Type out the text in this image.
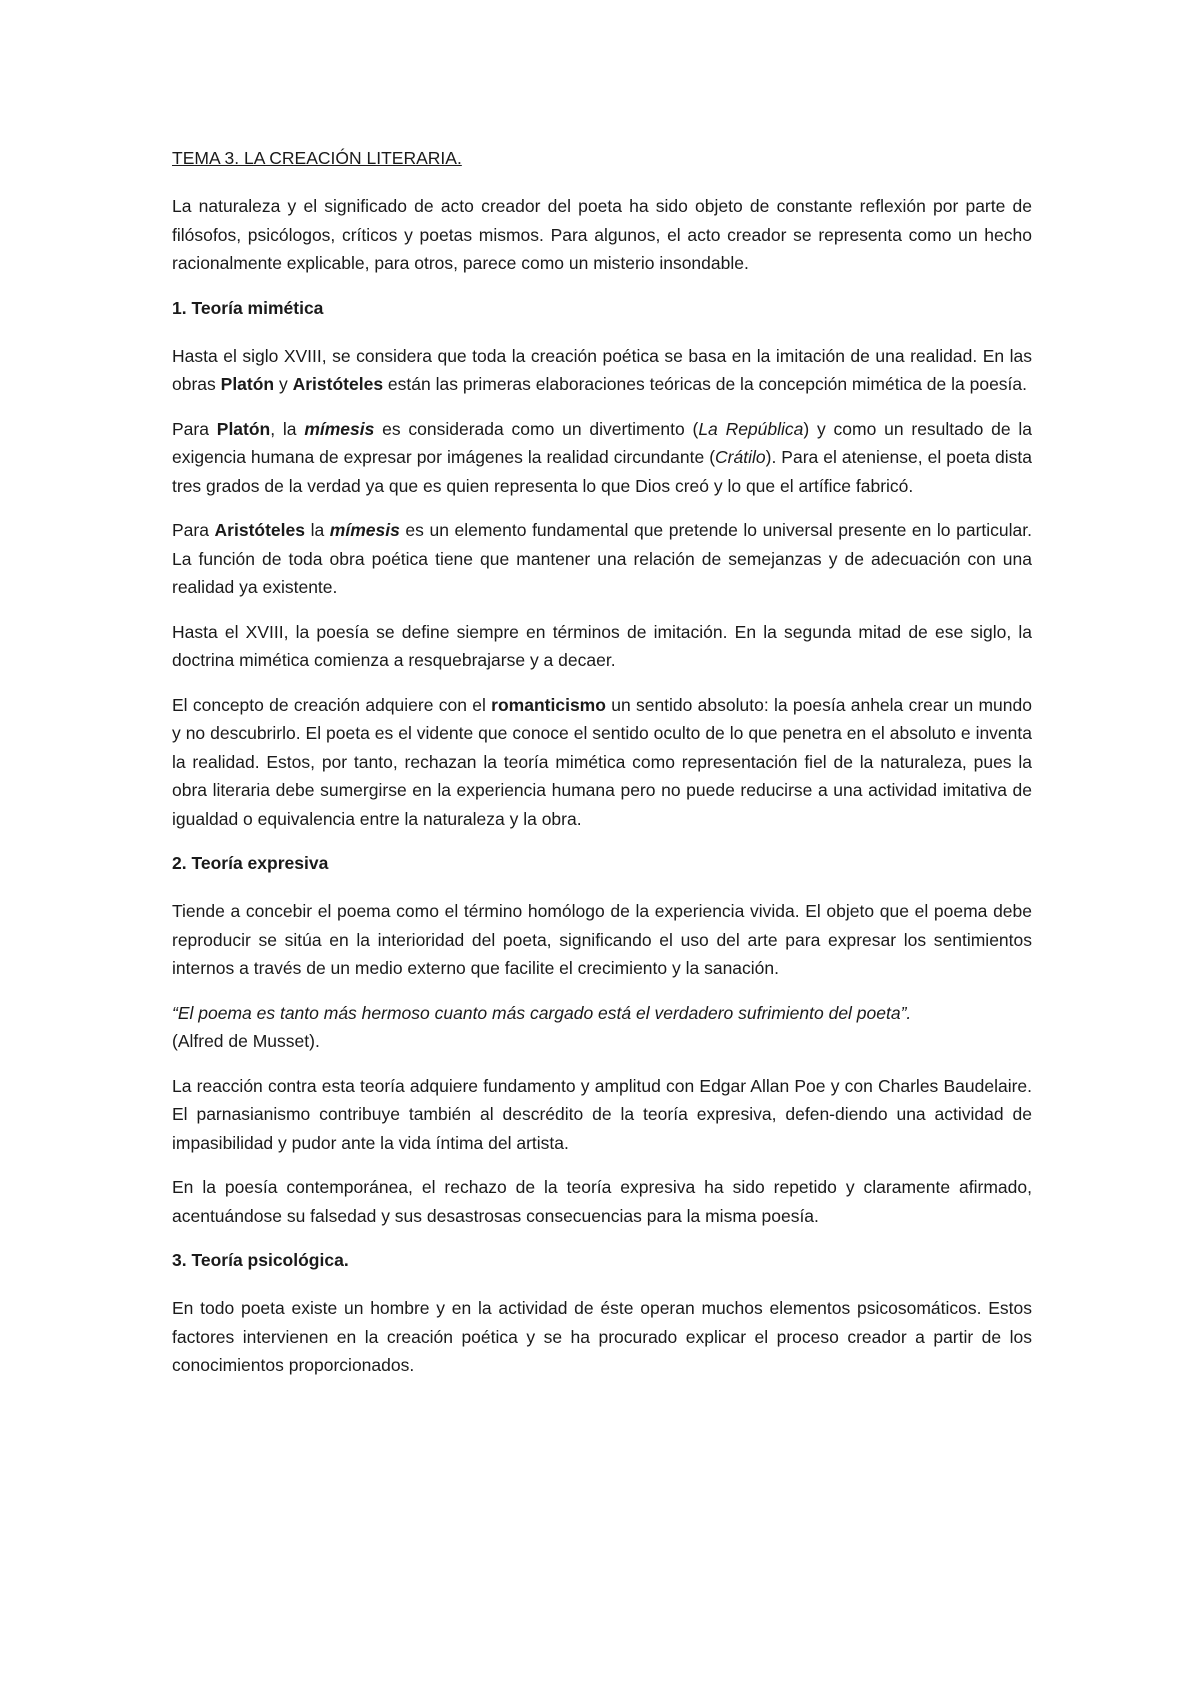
TEMA 3. LA CREACIÓN LITERARIA.

La naturaleza y el significado de acto creador del poeta ha sido objeto de constante reflexión por parte de filósofos, psicólogos, críticos y poetas mismos. Para algunos, el acto creador se representa como un hecho racionalmente explicable, para otros, parece como un misterio insondable.

1. Teoría mimética

Hasta el siglo XVIII, se considera que toda la creación poética se basa en la imitación de una realidad. En las obras Platón y Aristóteles están las primeras elaboraciones teóricas de la concepción mimética de la poesía.

Para Platón, la mímesis es considerada como un divertimento (La República) y como un resultado de la exigencia humana de expresar por imágenes la realidad circundante (Crátilo). Para el ateniense, el poeta dista tres grados de la verdad ya que es quien representa lo que Dios creó y lo que el artífice fabricó.

Para Aristóteles la mímesis es un elemento fundamental que pretende lo universal presente en lo particular. La función de toda obra poética tiene que mantener una relación de semejanzas y de adecuación con una realidad ya existente.

Hasta el XVIII, la poesía se define siempre en términos de imitación. En la segunda mitad de ese siglo, la doctrina mimética comienza a resquebrajarse y a decaer.

El concepto de creación adquiere con el romanticismo un sentido absoluto: la poesía anhela crear un mundo y no descubrirlo. El poeta es el vidente que conoce el sentido oculto de lo que penetra en el absoluto e inventa la realidad. Estos, por tanto, rechazan la teoría mimética como representación fiel de la naturaleza, pues la obra literaria debe sumergirse en la experiencia humana pero no puede reducirse a una actividad imitativa de igualdad o equivalencia entre la naturaleza y la obra.

2. Teoría expresiva

Tiende a concebir el poema como el término homólogo de la experiencia vivida. El objeto que el poema debe reproducir se sitúa en la interioridad del poeta, significando el uso del arte para expresar los sentimientos internos a través de un medio externo que facilite el crecimiento y la sanación.

“El poema es tanto más hermoso cuanto más cargado está el verdadero sufrimiento del poeta”.
(Alfred de Musset).

La reacción contra esta teoría adquiere fundamento y amplitud con Edgar Allan Poe y con Charles Baudelaire. El parnasianismo contribuye también al descrédito de la teoría expresiva, defen-diendo una actividad de impasibilidad y pudor ante la vida íntima del artista.

En la poesía contemporánea, el rechazo de la teoría expresiva ha sido repetido y claramente afirmado, acentuándose su falsedad y sus desastrosas consecuencias para la misma poesía.

3. Teoría psicológica.

En todo poeta existe un hombre y en la actividad de éste operan muchos elementos psicosomáticos. Estos factores intervienen en la creación poética y se ha procurado explicar el proceso creador a partir de los conocimientos proporcionados.
